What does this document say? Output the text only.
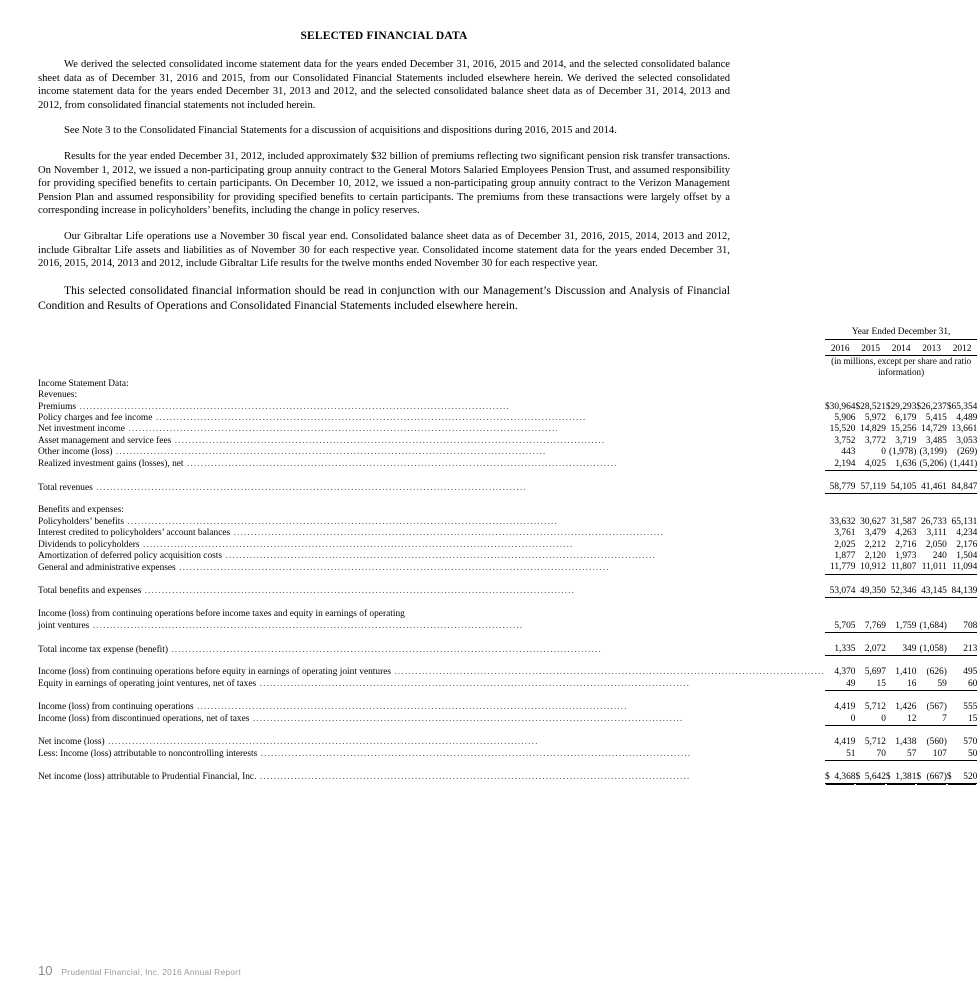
SELECTED FINANCIAL DATA

We derived the selected consolidated income statement data for the years ended December 31, 2016, 2015 and 2014, and the selected consolidated balance sheet data as of December 31, 2016 and 2015, from our Consolidated Financial Statements included elsewhere herein. We derived the selected consolidated income statement data for the years ended December 31, 2013 and 2012, and the selected consolidated balance sheet data as of December 31, 2014, 2013 and 2012, from consolidated financial statements not included herein.

See Note 3 to the Consolidated Financial Statements for a discussion of acquisitions and dispositions during 2016, 2015 and 2014.

Results for the year ended December 31, 2012, included approximately $32 billion of premiums reflecting two significant pension risk transfer transactions. On November 1, 2012, we issued a non-participating group annuity contract to the General Motors Salaried Employees Pension Trust, and assumed responsibility for providing specified benefits to certain participants. On December 10, 2012, we issued a non-participating group annuity contract to the Verizon Management Pension Plan and assumed responsibility for providing specified benefits to certain participants. The premiums from these transactions were largely offset by a corresponding increase in policyholders’ benefits, including the change in policy reserves.

Our Gibraltar Life operations use a November 30 fiscal year end. Consolidated balance sheet data as of December 31, 2016, 2015, 2014, 2013 and 2012, include Gibraltar Life assets and liabilities as of November 30 for each respective year. Consolidated income statement data for the years ended December 31, 2016, 2015, 2014, 2013 and 2012, include Gibraltar Life results for the twelve months ended November 30 for each respective year.

This selected consolidated financial information should be read in conjunction with our Management’s Discussion and Analysis of Financial Condition and Results of Operations and Consolidated Financial Statements included elsewhere herein.

	Year Ended December 31,				

		2016		2015		2014		2013		2012
	(in millions, except per share and ratio information)				
Income Statement Data:										
Revenues:		

Premiums .....		$30,964		$28,521		$29,293		$26,237		$65,354

Policy charges and fee income .....		5,906		5,972		6,179		5,415		4,489

Net investment income .....		15,520		14,829		15,256		14,729		13,661

Asset management and service fees .....		3,752		3,772		3,719		3,485		3,053

Other income (loss) .....		443		0		(1,978)		(3,199)		(269)

Realized investment gains (losses), net .....		2,194		4,025		1,636		(5,206)		(1,441)

Total revenues .....		58,779		57,119		54,105		41,461		84,847

Benefits and expenses:		

Policyholders’ benefits .....		33,632		30,627		31,587		26,733		65,131

Interest credited to policyholders’ account balances .....		3,761		3,479		4,263		3,111		4,234

Dividends to policyholders .....		2,025		2,212		2,716		2,050		2,176

Amortization of deferred policy acquisition costs .....		1,877		2,120		1,973		240		1,504

General and administrative expenses .....		11,779		10,912		11,807		11,011		11,094

Total benefits and expenses .....		53,074		49,350		52,346		43,145		84,139

Income (loss) from continuing operations before income taxes and equity in earnings of operating					
joint ventures .....		5,705		7,769		1,759		(1,684)		708

Total income tax expense (benefit) .....		1,335		2,072		349		(1,058)		213

Income (loss) from continuing operations before equity in earnings of operating joint ventures .....		4,370		5,697		1,410		(626)		495

Equity in earnings of operating joint ventures, net of taxes .....		49		15		16		59		60

Income (loss) from continuing operations .....		4,419		5,712		1,426		(567)		555

Income (loss) from discontinued operations, net of taxes .....		0		0		12		7		15

Net income (loss) .....		4,419		5,712		1,438		(560)		570

Less: Income (loss) attributable to noncontrolling interests .....		51		70		57		107		50

Net income (loss) attributable to Prudential Financial, Inc. .....		$ 4,368		$ 5,642		$ 1,381		$ (667)		$ 520
10 Prudential Financial, Inc. 2016 Annual Report
